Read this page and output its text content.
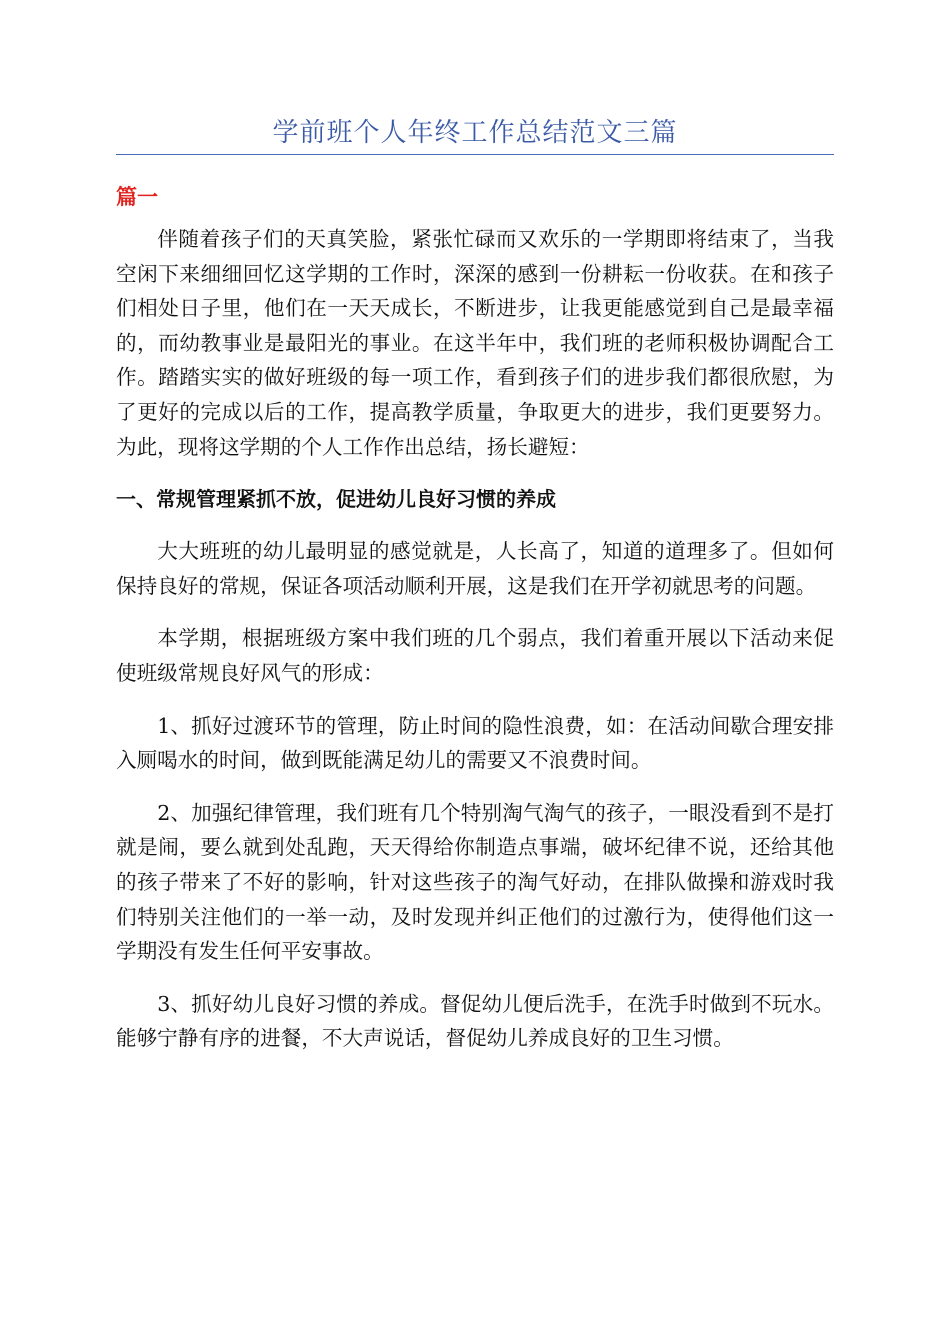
学前班个人年终工作总结范文三篇
篇一

伴随着孩子们的天真笑脸，紧张忙碌而又欢乐的一学期即将结束了，当我空闲下来细细回忆这学期的工作时，深深的感到一份耕耘一份收获。在和孩子们相处日子里，他们在一天天成长，不断进步，让我更能感觉到自己是最幸福的，而幼教事业是最阳光的事业。在这半年中，我们班的老师积极协调配合工作。踏踏实实的做好班级的每一项工作，看到孩子们的进步我们都很欣慰，为了更好的完成以后的工作，提高教学质量，争取更大的进步，我们更要努力。为此，现将这学期的个人工作作出总结，扬长避短：

一、常规管理紧抓不放，促进幼儿良好习惯的养成

大大班班的幼儿最明显的感觉就是，人长高了，知道的道理多了。但如何保持良好的常规，保证各项活动顺利开展，这是我们在开学初就思考的问题。

本学期，根据班级方案中我们班的几个弱点，我们着重开展以下活动来促使班级常规良好风气的形成：

1、抓好过渡环节的管理，防止时间的隐性浪费，如：在活动间歇合理安排入厕喝水的时间，做到既能满足幼儿的需要又不浪费时间。

2、加强纪律管理，我们班有几个特别淘气淘气的孩子，一眼没看到不是打就是闹，要么就到处乱跑，天天得给你制造点事端，破坏纪律不说，还给其他的孩子带来了不好的影响，针对这些孩子的淘气好动，在排队做操和游戏时我们特别关注他们的一举一动，及时发现并纠正他们的过激行为，使得他们这一学期没有发生任何平安事故。

3、抓好幼儿良好习惯的养成。督促幼儿便后洗手，在洗手时做到不玩水。能够宁静有序的进餐，不大声说话，督促幼儿养成良好的卫生习惯。
